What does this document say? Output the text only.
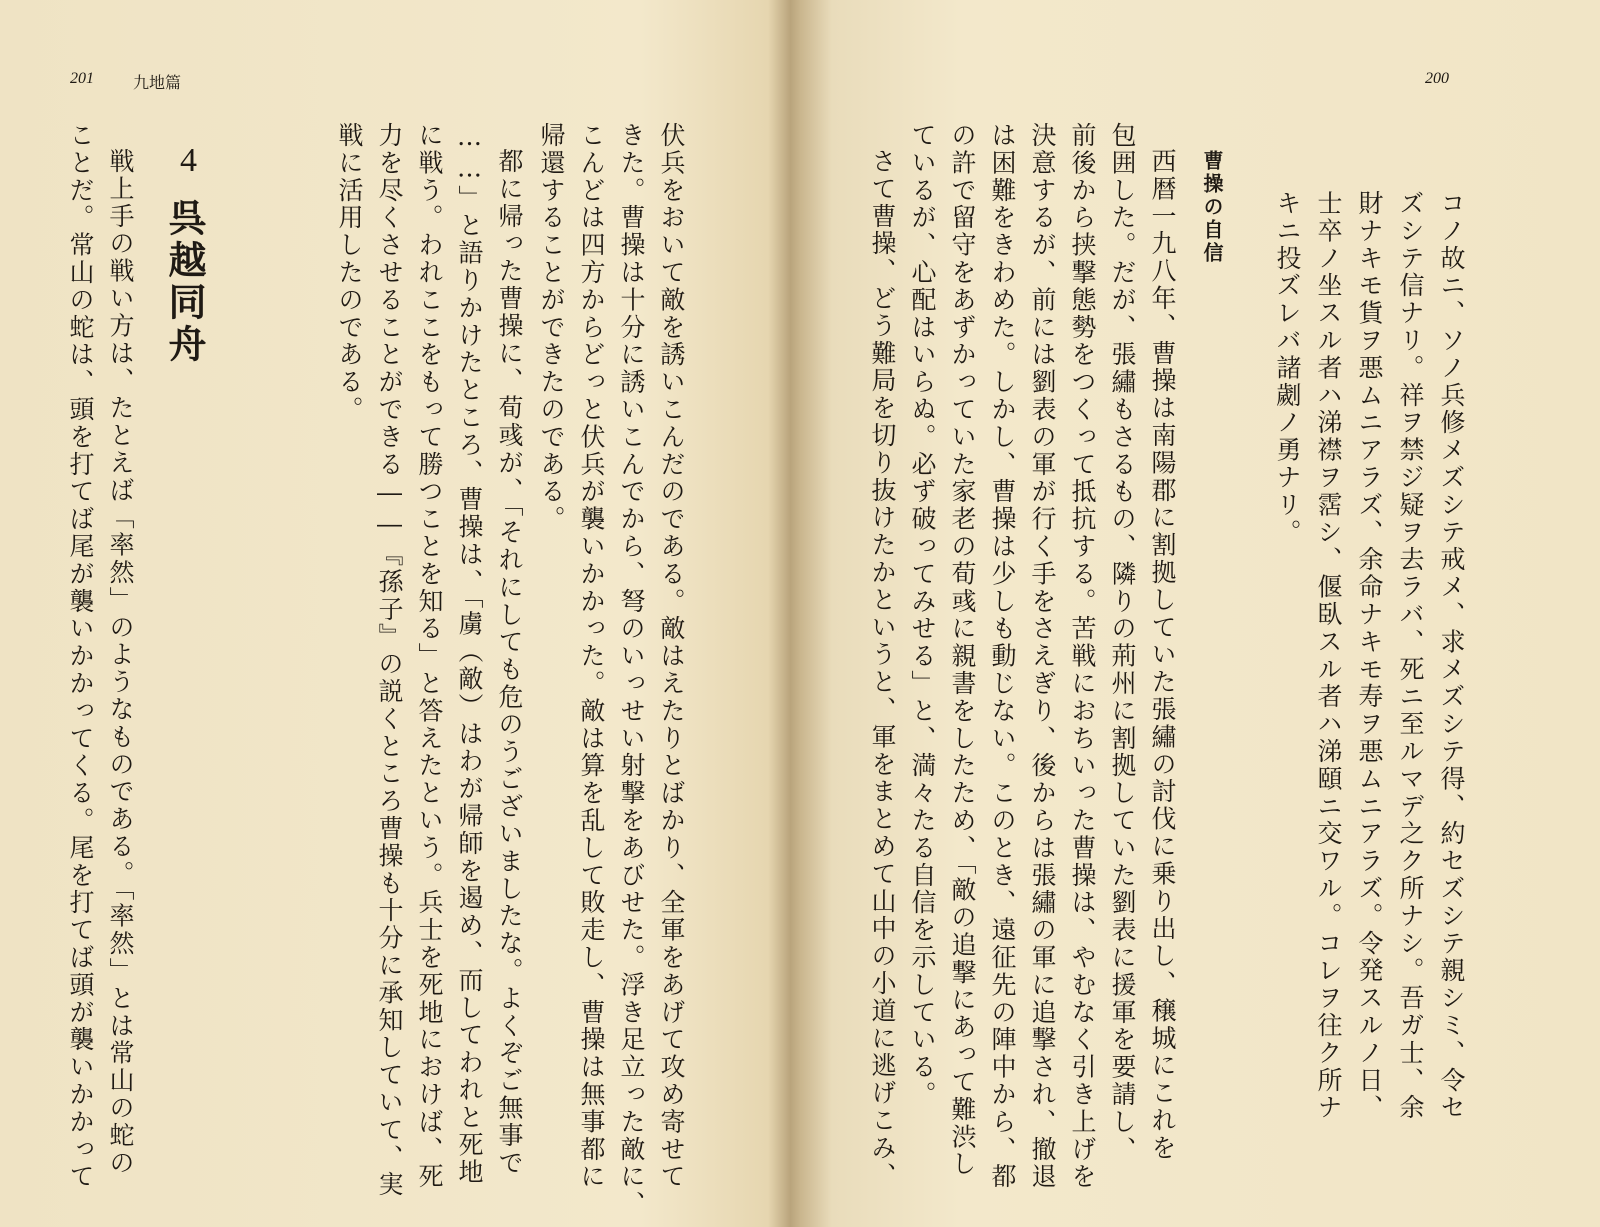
201 九地篇
伏兵をおいて敵を誘いこんだのである。敵はえたりとばかり、全軍をあげて攻め寄せて
きた。曹操は十分に誘いこんでから、弩のいっせい射撃をあびせた。浮き足立った敵に、
こんどは四方からどっと伏兵が襲いかかった。敵は算を乱して敗走し、曹操は無事都に
帰還することができたのである。
都に帰った曹操に、荀彧が、「それにしても危のうございましたな。よくぞご無事で
……」と語りかけたところ、曹操は、「虜（敵）はわが帰師を遏め、而してわれと死地
に戦う。われここをもって勝つことを知る」と答えたという。兵士を死地におけば、死
力を尽くさせることができる――『孫子』の説くところ曹操も十分に承知していて、実
戦に活用したのである。
4
呉越同舟
戦上手の戦い方は、たとえば「率然」のようなものである。「率然」とは常山の蛇の
ことだ。常山の蛇は、頭を打てば尾が襲いかかってくる。尾を打てば頭が襲いかかって
200
コノ故ニ、ソノ兵修メズシテ戒メ、求メズシテ得、約セズシテ親シミ、令セ
ズシテ信ナリ。祥ヲ禁ジ疑ヲ去ラバ、死ニ至ルマデ之ク所ナシ。吾ガ士、余
財ナキモ貨ヲ悪ムニアラズ、余命ナキモ寿ヲ悪ムニアラズ。令発スルノ日、
士卒ノ坐スル者ハ涕襟ヲ霑シ、偃臥スル者ハ涕頤ニ交ワル。コレヲ往ク所ナ
キニ投ズレバ諸劌ノ勇ナリ。
曹操の自信
西暦一九八年、曹操は南陽郡に割拠していた張繡の討伐に乗り出し、穣城にこれを
包囲した。だが、張繡もさるもの、隣りの荊州に割拠していた劉表に援軍を要請し、
前後から挟撃態勢をつくって抵抗する。苦戦におちいった曹操は、やむなく引き上げを
決意するが、前には劉表の軍が行く手をさえぎり、後からは張繡の軍に追撃され、撤退
は困難をきわめた。しかし、曹操は少しも動じない。このとき、遠征先の陣中から、都
の許で留守をあずかっていた家老の荀彧に親書をしたため、「敵の追撃にあって難渋し
ているが、心配はいらぬ。必ず破ってみせる」と、満々たる自信を示している。
さて曹操、どう難局を切り抜けたかというと、軍をまとめて山中の小道に逃げこみ、
